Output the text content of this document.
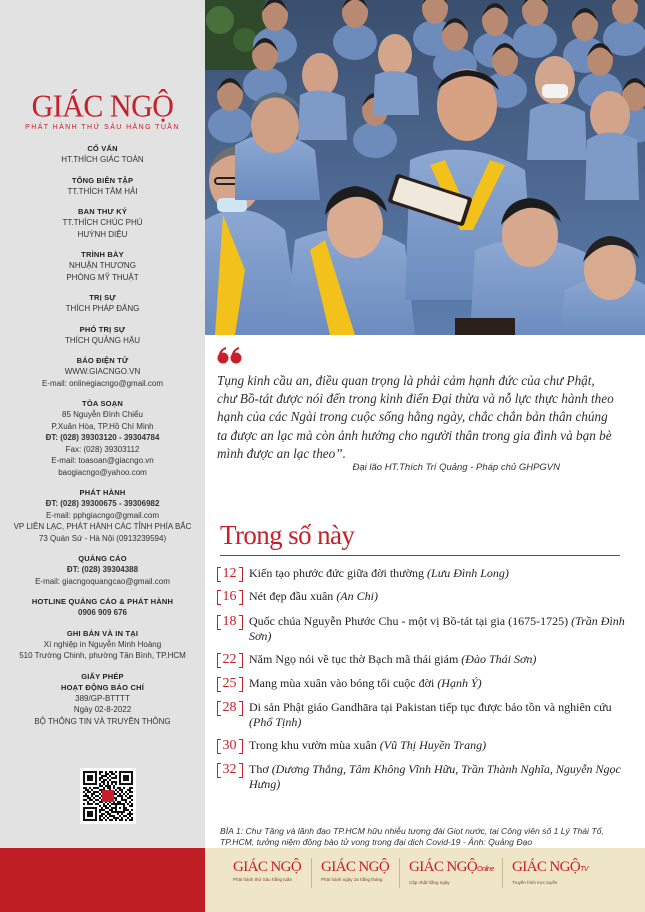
GIÁC NGỘ
PHÁT HÀNH THỨ SÁU HẰNG TUẦN
CỐ VẤN
HT.THÍCH GIÁC TOÀN
TỔNG BIÊN TẬP
TT.THÍCH TÂM HẢI
BAN THƯ KÝ
TT.THÍCH CHÚC PHÚ
HUỲNH DIỆU
TRÌNH BÀY
NHUẬN THƯƠNG
PHÒNG MỸ THUẬT
TRỊ SỰ
THÍCH PHÁP ĐĂNG
PHÓ TRỊ SỰ
THÍCH QUẢNG HẬU
BÁO ĐIỆN TỬ
WWW.GIACNGO.VN
E-mail: onlinegiacngo@gmail.com
TÒA SOẠN
85 Nguyễn Đình Chiểu
P.Xuân Hòa, TP.Hồ Chí Minh
ĐT: (028) 39303120 - 39304784
Fax: (028) 39303112
E-mail: toasoan@giacngo.vn
baogiacngo@yahoo.com
PHÁT HÀNH
ĐT: (028) 39300675 - 39306982
E-mail: pphgiacngo@gmail.com
VP LIÊN LẠC, PHÁT HÀNH CÁC TỈNH PHÍA BẮC
73 Quán Sứ - Hà Nội (0913239594)
QUẢNG CÁO
ĐT: (028) 39304388
E-mail: giacngoquangcao@gmail.com
HOTLINE QUẢNG CÁO & PHÁT HÀNH
0906 909 676
GHI BẢN VÀ IN TẠI
Xí nghiệp in Nguyễn Minh Hoàng
510 Trường Chinh, phường Tân Bình, TP.HCM
GIẤY PHÉP
HOẠT ĐỘNG BÁO CHÍ
389/GP-BTTTT
Ngày 02-8-2022
BỘ THÔNG TIN VÀ TRUYỀN THÔNG
Tụng kinh cầu an, điều quan trọng là phải cảm hạnh đức của chư Phật, chư Bồ-tát được nói đến trong kinh điển Đại thừa và nỗ lực thực hành theo hạnh của các Ngài trong cuộc sống hằng ngày, chắc chắn bản thân chúng ta được an lạc mà còn ảnh hưởng cho người thân trong gia đình và bạn bè mình được an lạc theo”.
Đại lão HT.Thích Trí Quảng - Pháp chủ GHPGVN
Trong số này
12	Kiến tạo phước đức giữa đời thường (Lưu Đình Long)
16	Nét đẹp đầu xuân (An Chi)
18	Quốc chúa Nguyễn Phước Chu - một vị Bồ-tát tại gia (1675-1725) (Trần Đình Sơn)
22	Năm Ngọ nói về tục thờ Bạch mã thái giám (Đào Thái Sơn)
25	Mang mùa xuân vào bóng tối cuộc đời (Hạnh Ý)
28	Di sản Phật giáo Gandhāra tại Pakistan tiếp tục được bảo tồn và nghiên cứu (Phổ Tịnh)
30	Trong khu vườn mùa xuân (Vũ Thị Huyền Trang)
32	Thơ (Dương Thắng, Tâm Không Vĩnh Hữu, Trần Thành Nghĩa, Nguyễn Ngọc Hưng)
BÌA 1: Chư Tăng và lãnh đạo TP.HCM hữu nhiễu tượng đài Giọt nước, tại Công viên số 1 Lý Thái Tổ, TP.HCM, tưởng niệm đồng bào tử vong trong đại dịch Covid-19 - Ảnh: Quảng Đạo
GIÁC NGỘ
Phát hành thứ Sáu hằng tuần
GIÁC NGỘ
Phát hành ngày 15 hằng tháng
GIÁC NGỘOnline
Cập nhật hằng ngày
GIÁC NGỘTV
Truyền hình trực tuyến
